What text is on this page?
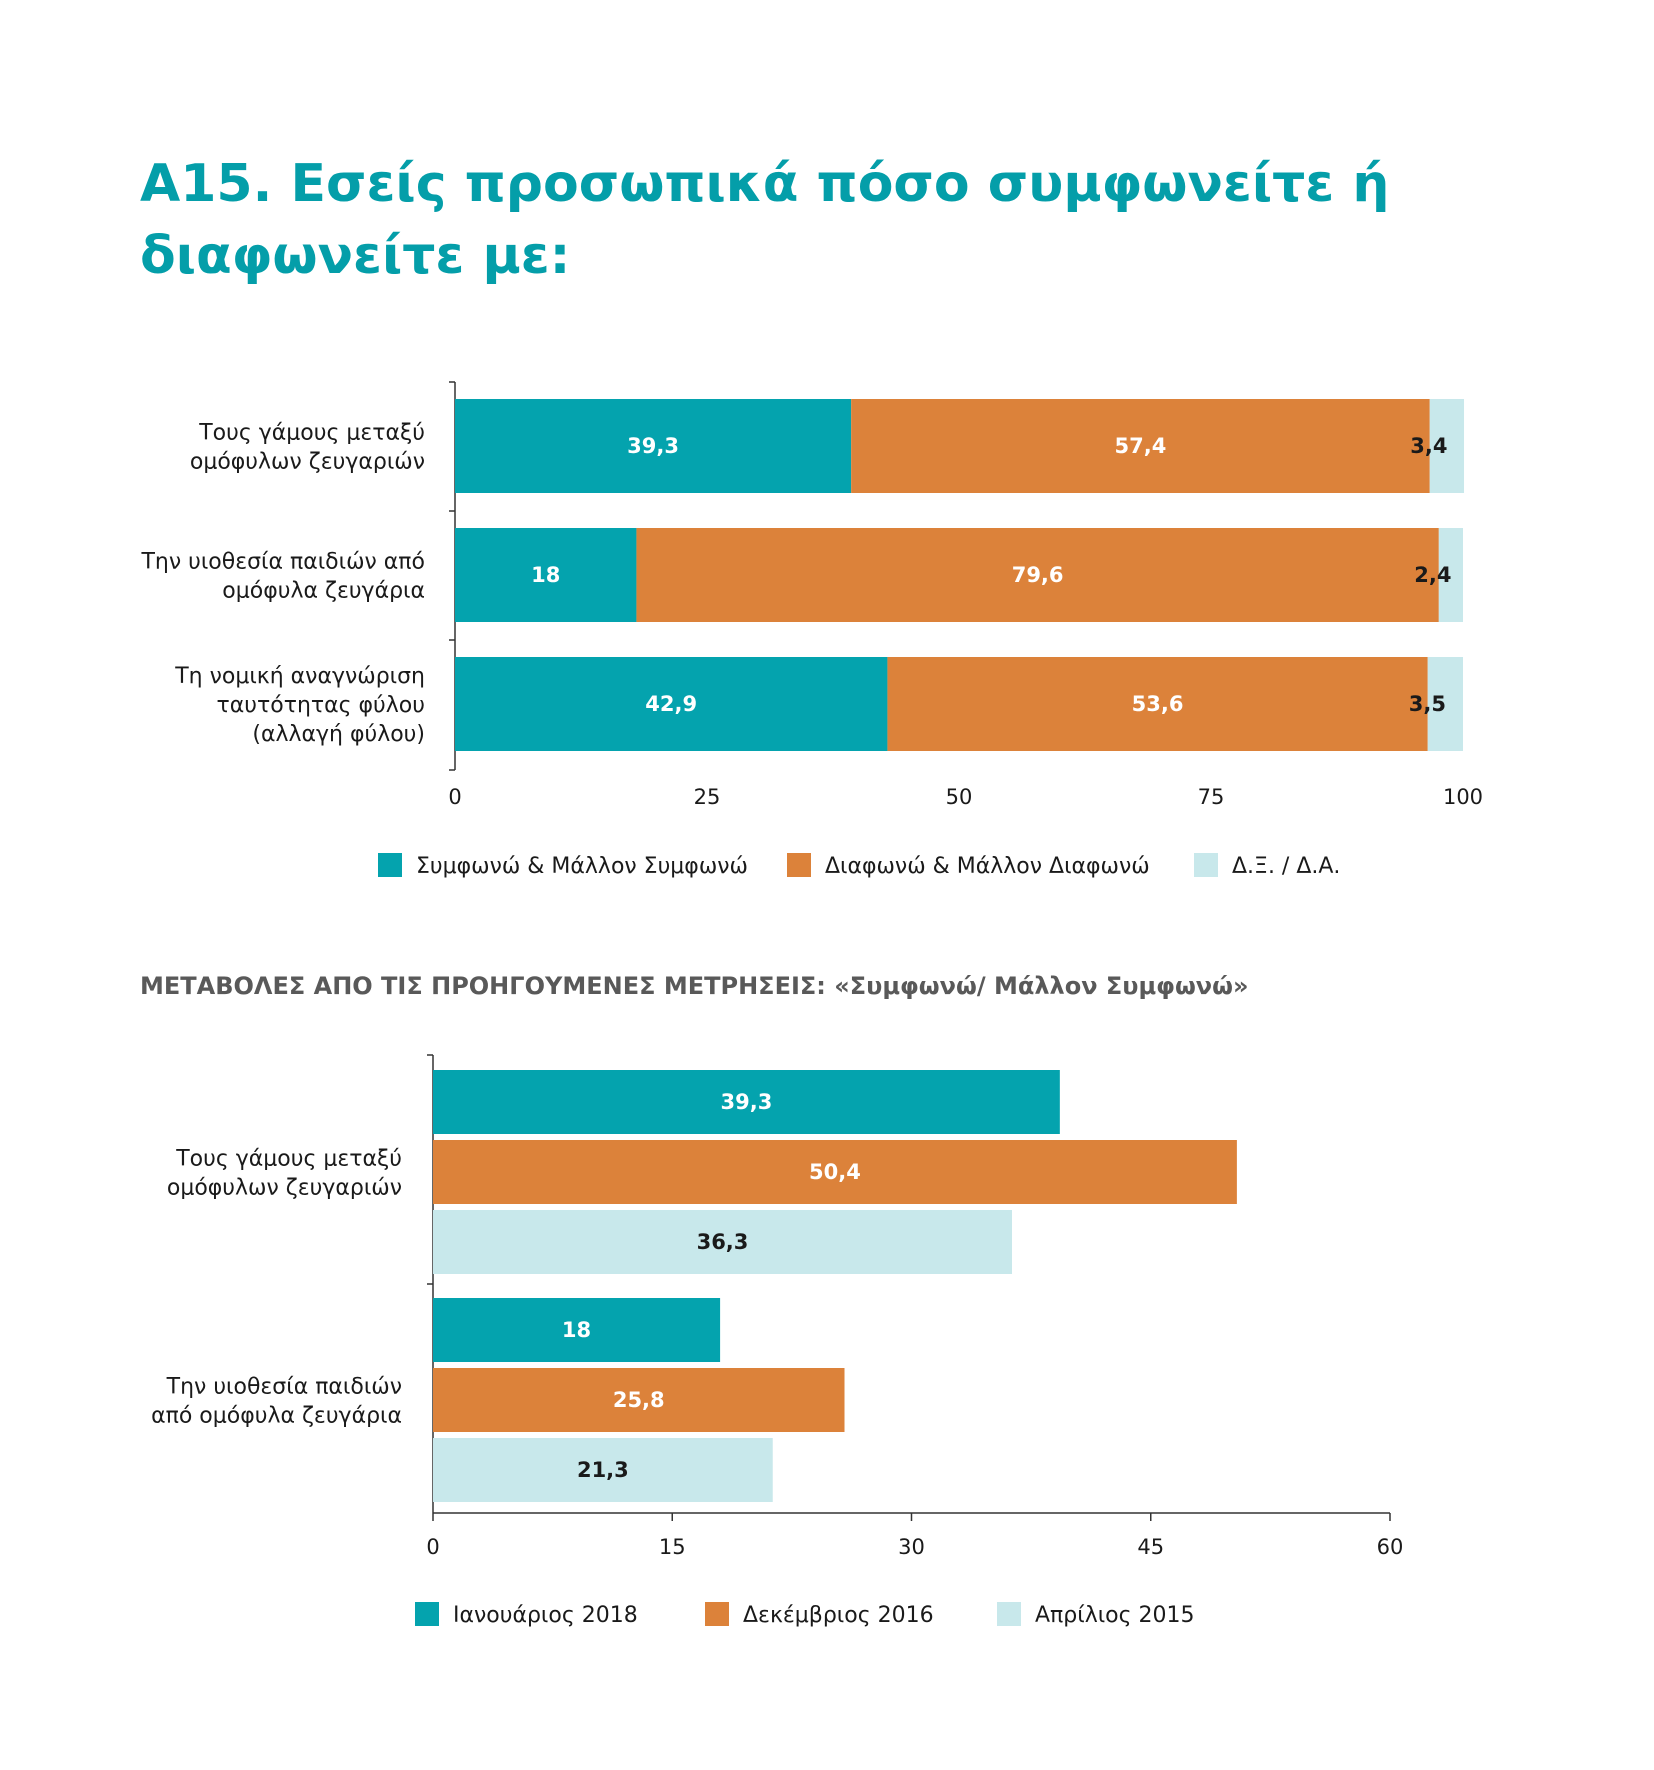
Α15. Εσείς προσωπικά πόσο συμφωνείτε ή διαφωνείτε με:
39,3	57,4	3,4
Τους γάμους μεταξύ
ομόφυλων ζευγαριών
18	79,6	2,4
Την υιοθεσία παιδιών από
ομόφυλα ζευγάρια
42,9	53,6	3,5
Τη νομική αναγνώριση
ταυτότητας φύλου
(αλλαγή φύλου)
0	25	50	75	100
Συμφωνώ & Μάλλον Συμφωνώ	Διαφωνώ & Μάλλον Διαφωνώ	Δ.Ξ. / Δ.Α.
ΜΕΤΑΒΟΛΕΣ ΑΠΟ ΤΙΣ ΠΡΟΗΓΟΥΜΕΝΕΣ ΜΕΤΡΗΣΕΙΣ: «Συμφωνώ/ Μάλλον Συμφωνώ»
0	15	30	45	60
39,3
50,4
36,3
Τους γάμους μεταξύ
ομόφυλων ζευγαριών
18
25,8
21,3
Την υιοθεσία παιδιών
από ομόφυλα ζευγάρια
Ιανουάριος 2018	Δεκέμβριος 2016	Απρίλιος 2015
